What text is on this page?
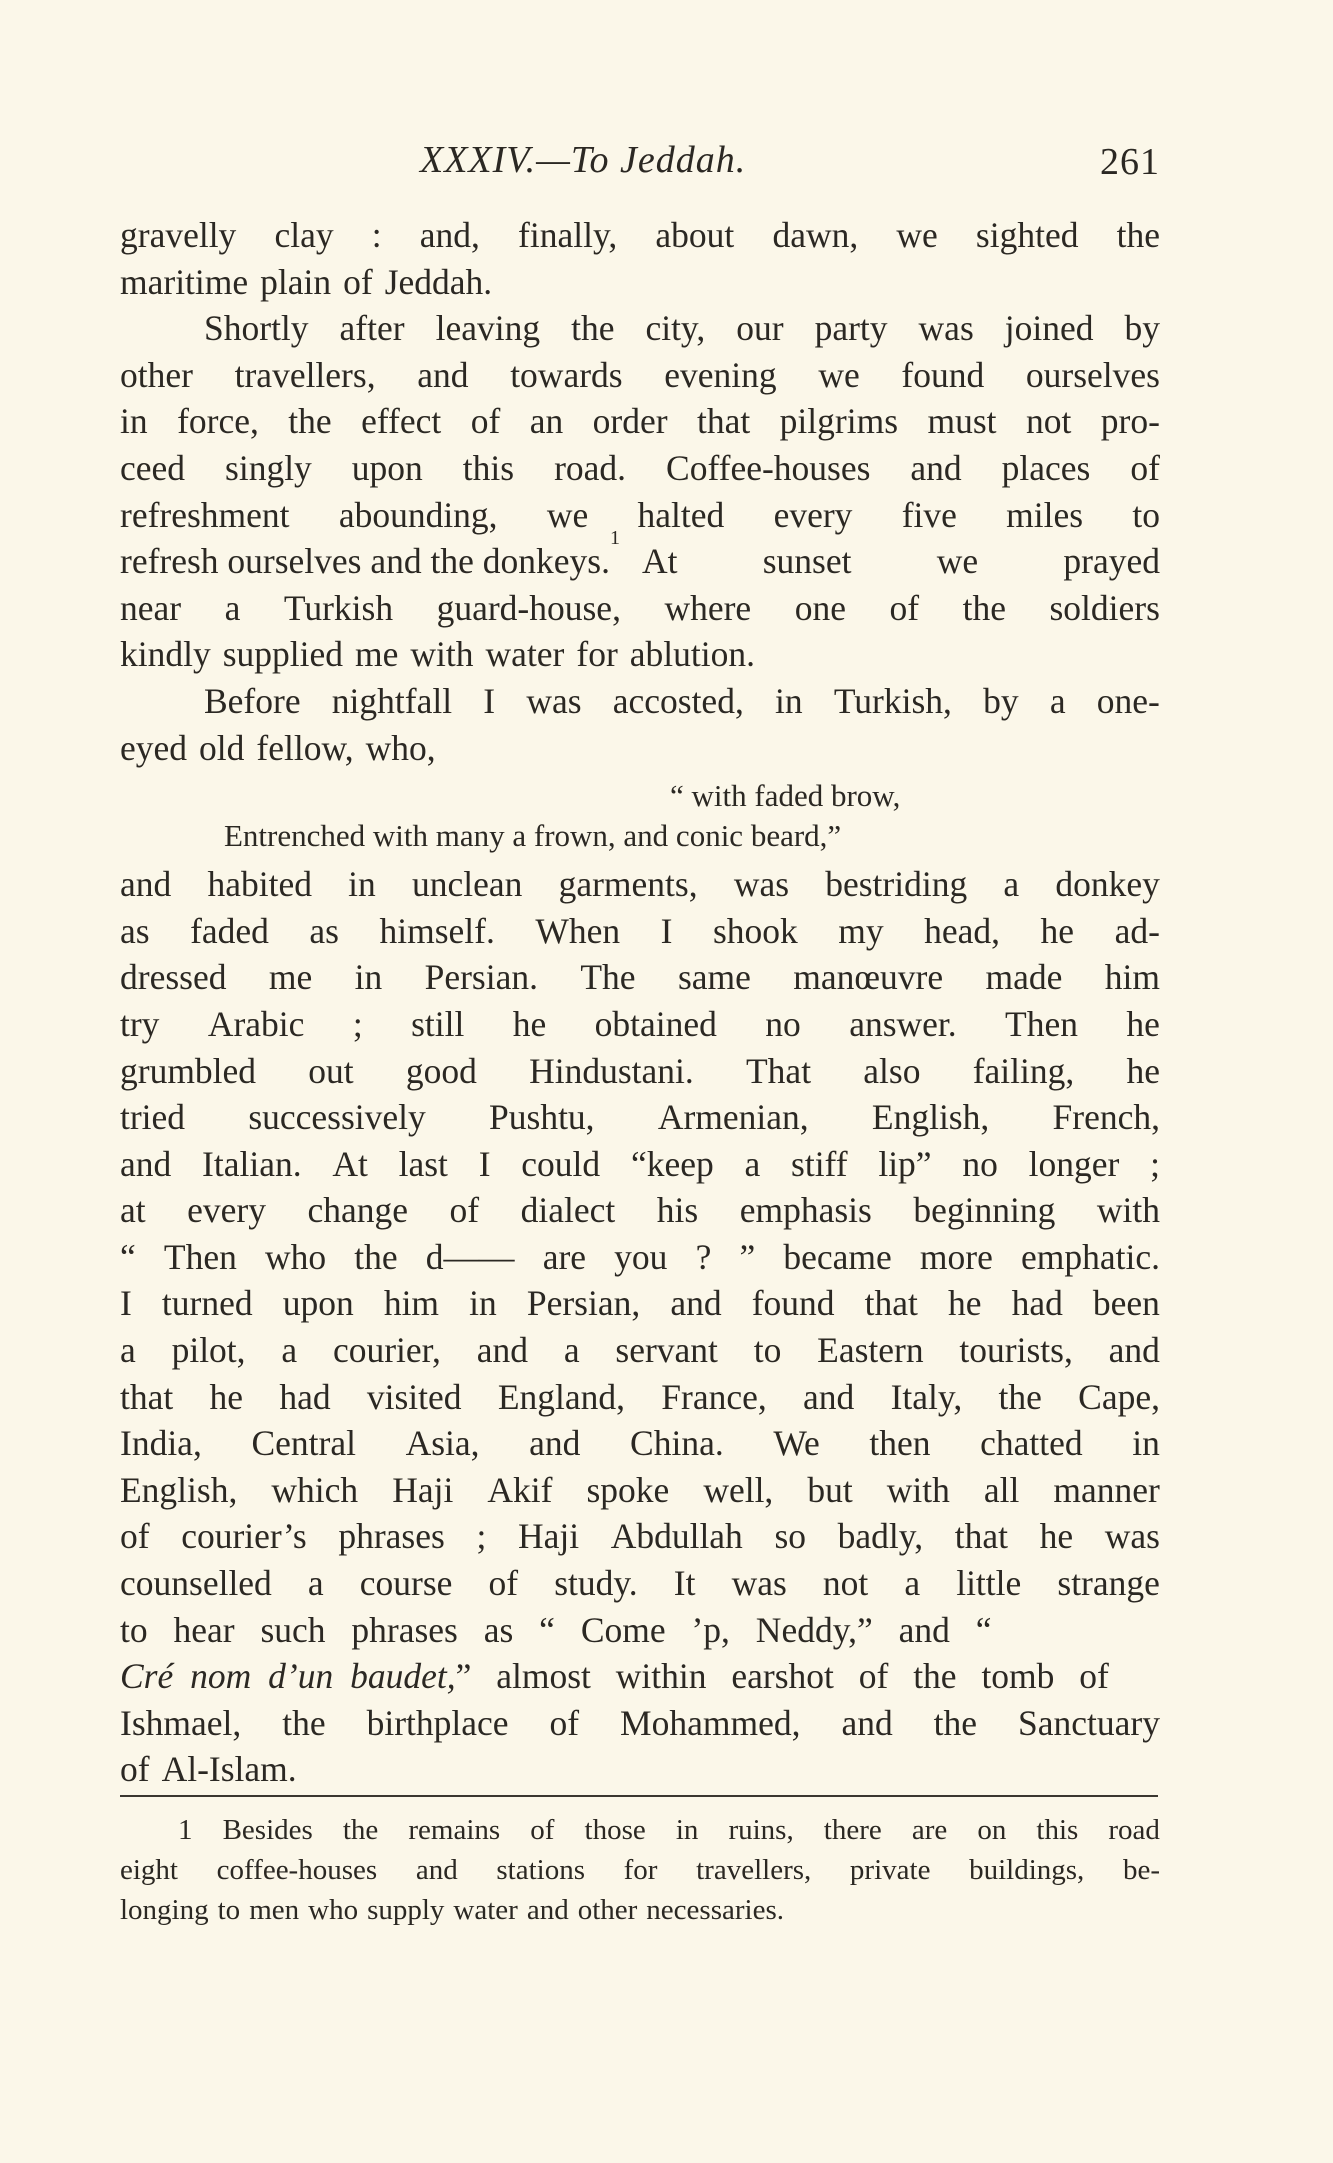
XXXIV.—To Jeddah.	261
gravelly clay : and, finally, about dawn, we sighted the
maritime plain of Jeddah.
Shortly after leaving the city, our party was joined by
other travellers, and towards evening we found ourselves
in force, the effect of an order that pilgrims must not pro-
ceed singly upon this road. Coffee-houses and places of
refreshment abounding, we halted every five miles to
refresh ourselves and the donkeys.
1
At sunset we prayed
near a Turkish guard-house, where one of the soldiers
kindly supplied me with water for ablution.
Before nightfall I was accosted, in Turkish, by a one-
eyed old fellow, who,
“ with faded brow,
Entrenched with many a frown, and conic beard,”
and habited in unclean garments, was bestriding a donkey
as faded as himself. When I shook my head, he ad-
dressed me in Persian. The same manœuvre made him
try Arabic ; still he obtained no answer. Then he
grumbled out good Hindustani. That also failing, he
tried successively Pushtu, Armenian, English, French,
and Italian. At last I could “keep a stiff lip” no longer ;
at every change of dialect his emphasis beginning with
“ Then who the d—— are you ? ” became more emphatic.
I turned upon him in Persian, and found that he had been
a pilot, a courier, and a servant to Eastern tourists, and
that he had visited England, France, and Italy, the Cape,
India, Central Asia, and China. We then chatted in
English, which Haji Akif spoke well, but with all manner
of courier’s phrases ; Haji Abdullah so badly, that he was
counselled a course of study. It was not a little strange
to hear such phrases as “ Come ’p, Neddy,” and “
Cré nom d’un baudet, ” almost within earshot of the tomb of
Ishmael, the birthplace of Mohammed, and the Sanctuary
of Al-Islam.
1 Besides the remains of those in ruins, there are on this road
eight coffee-houses and stations for travellers, private buildings, be-
longing to men who supply water and other necessaries.
